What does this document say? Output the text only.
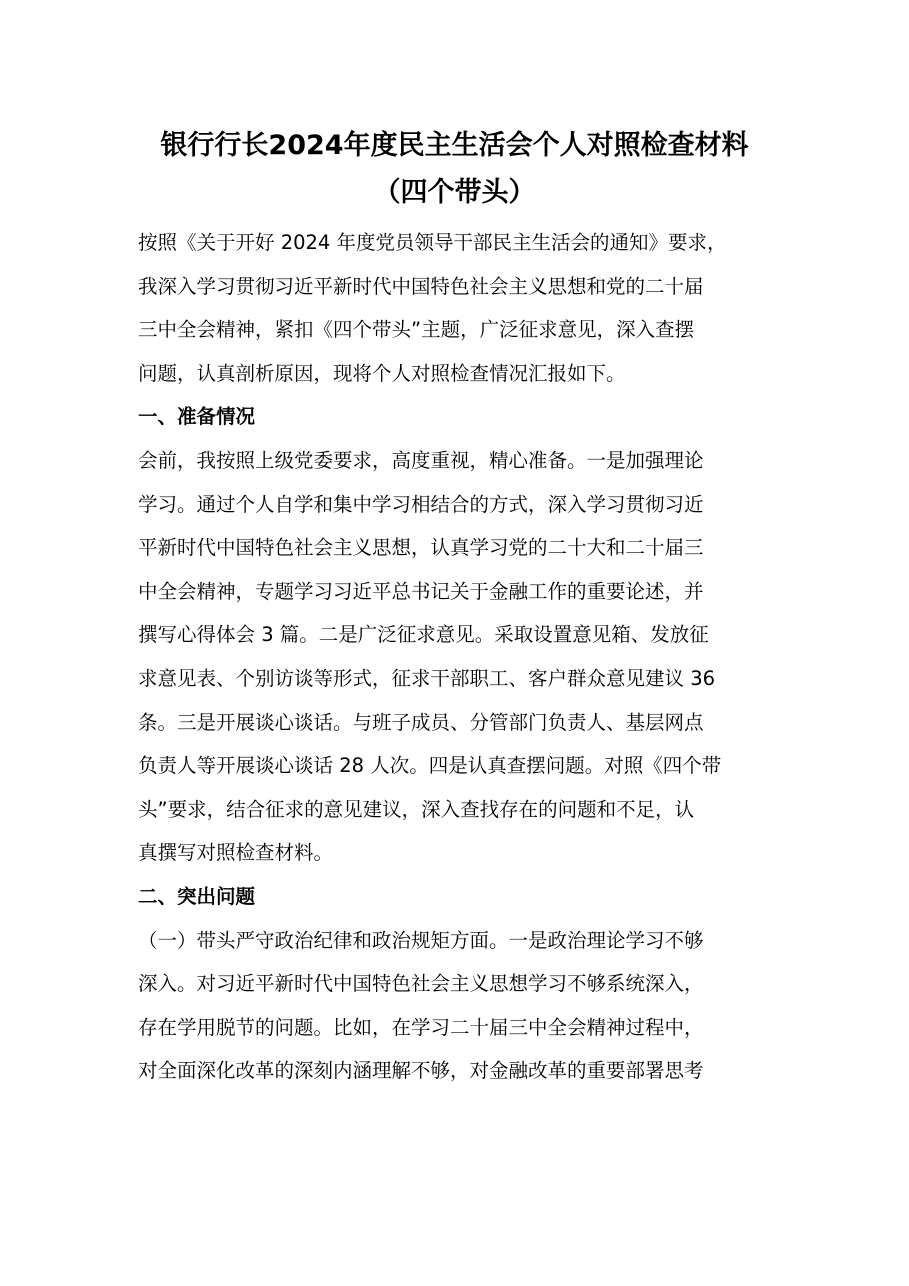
银行行长2024年度民主生活会个人对照检查材料
（四个带头）
按照《关于开好 2024 年度党员领导干部民主生活会的通知》要求，
我深入学习贯彻习近平新时代中国特色社会主义思想和党的二十届
三中全会精神，紧扣《四个带头”主题，广泛征求意见，深入查摆
问题，认真剖析原因，现将个人对照检查情况汇报如下。
一、准备情况
会前，我按照上级党委要求，高度重视，精心准备。一是加强理论
学习。通过个人自学和集中学习相结合的方式，深入学习贯彻习近
平新时代中国特色社会主义思想，认真学习党的二十大和二十届三
中全会精神，专题学习习近平总书记关于金融工作的重要论述，并
撰写心得体会 3 篇。二是广泛征求意见。采取设置意见箱、发放征
求意见表、个别访谈等形式，征求干部职工、客户群众意见建议 36
条。三是开展谈心谈话。与班子成员、分管部门负责人、基层网点
负责人等开展谈心谈话 28 人次。四是认真查摆问题。对照《四个带
头”要求，结合征求的意见建议，深入查找存在的问题和不足，认
真撰写对照检查材料。
二、突出问题
（一）带头严守政治纪律和政治规矩方面。一是政治理论学习不够
深入。对习近平新时代中国特色社会主义思想学习不够系统深入，
存在学用脱节的问题。比如，在学习二十届三中全会精神过程中，
对全面深化改革的深刻内涵理解不够，对金融改革的重要部署思考
